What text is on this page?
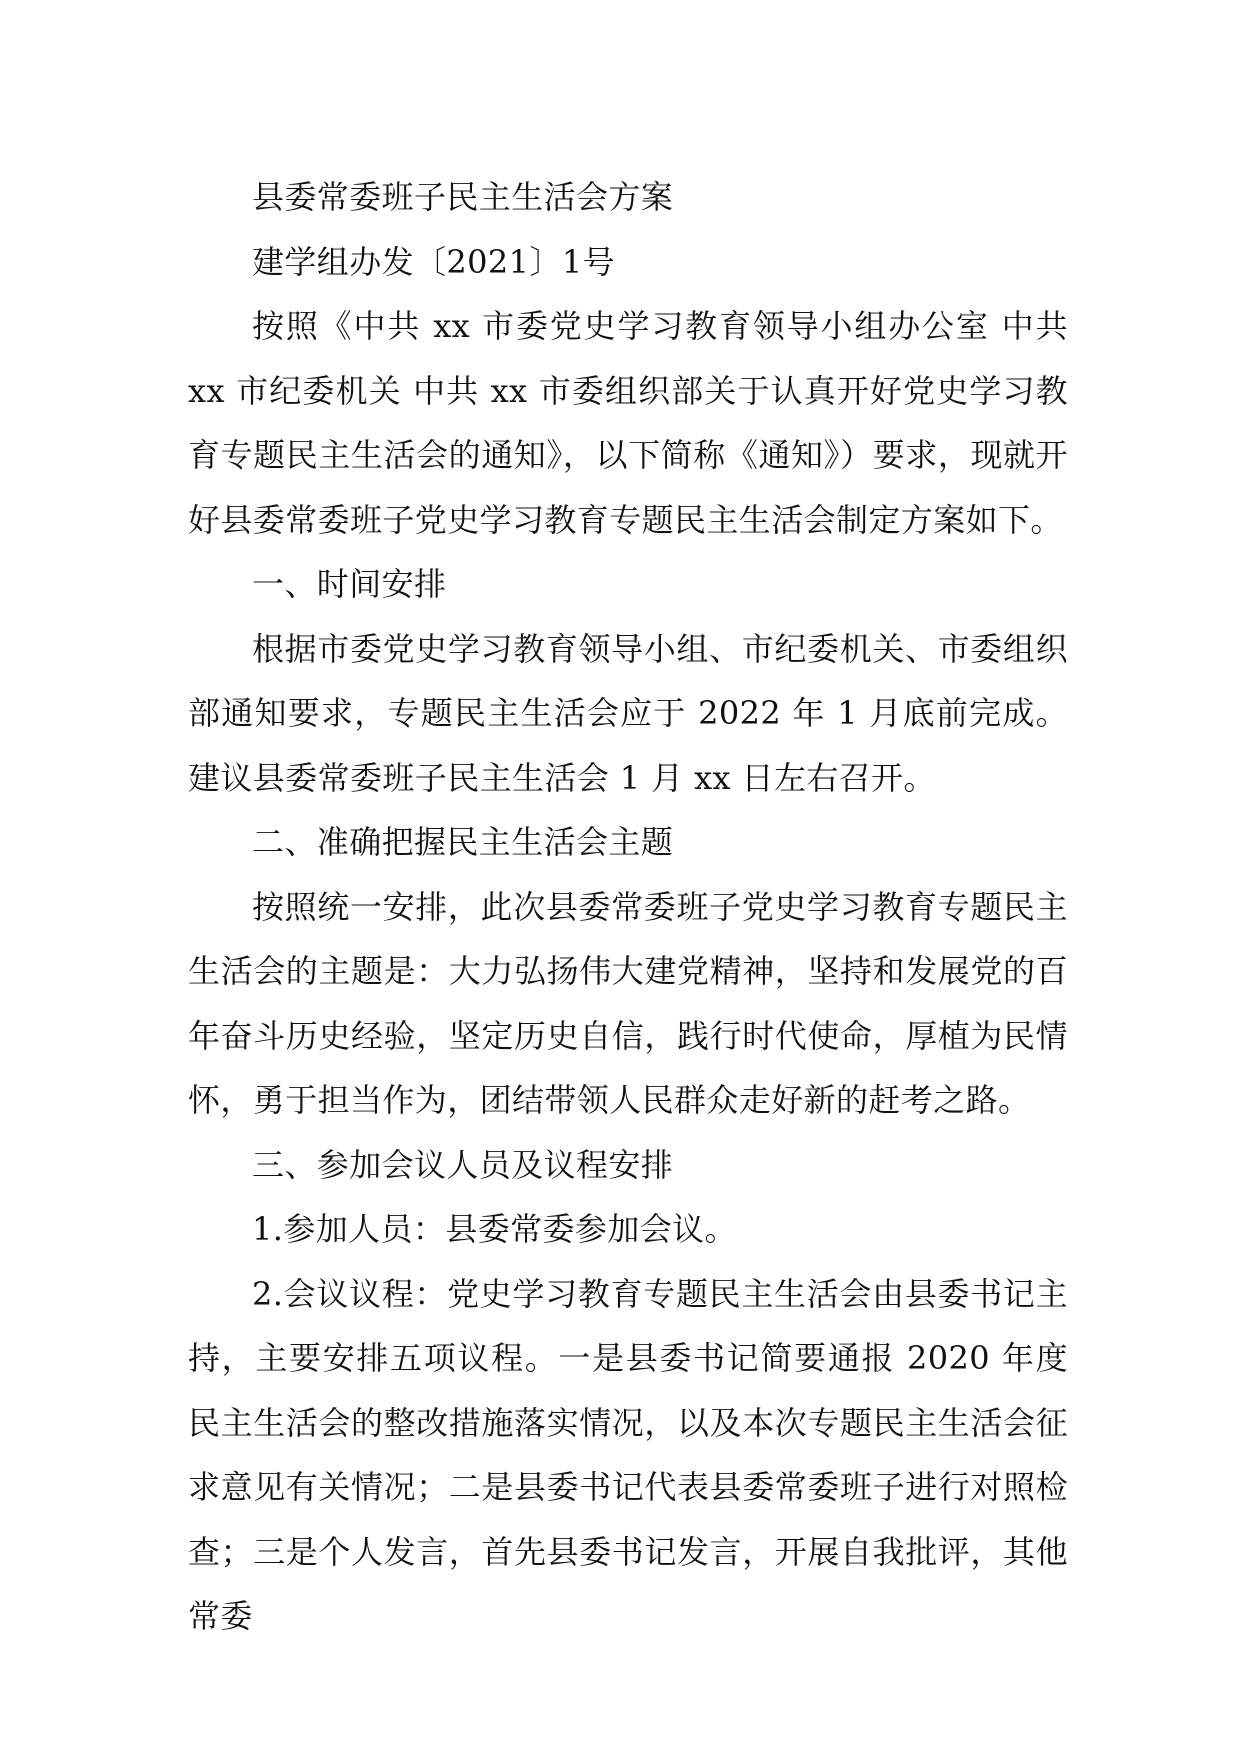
县委常委班子民主生活会方案

建学组办发〔2021〕1号

按照《中共 xx 市委党史学习教育领导小组办公室 中共 xx 市纪委机关 中共 xx 市委组织部关于认真开好党史学习教育专题民主生活会的通知》，以下简称《通知》）要求，现就开好县委常委班子党史学习教育专题民主生活会制定方案如下。

一、时间安排

根据市委党史学习教育领导小组、市纪委机关、市委组织部通知要求，专题民主生活会应于 2022 年 1 月底前完成。建议县委常委班子民主生活会 1 月 xx 日左右召开。

二、准确把握民主生活会主题

按照统一安排，此次县委常委班子党史学习教育专题民主生活会的主题是：大力弘扬伟大建党精神，坚持和发展党的百年奋斗历史经验，坚定历史自信，践行时代使命，厚植为民情怀，勇于担当作为，团结带领人民群众走好新的赶考之路。

三、参加会议人员及议程安排

1.参加人员：县委常委参加会议。

2.会议议程：党史学习教育专题民主生活会由县委书记主持，主要安排五项议程。一是县委书记简要通报 2020 年度民主生活会的整改措施落实情况，以及本次专题民主生活会征求意见有关情况；二是县委书记代表县委常委班子进行对照检查；三是个人发言，首先县委书记发言，开展自我批评，其他常委
